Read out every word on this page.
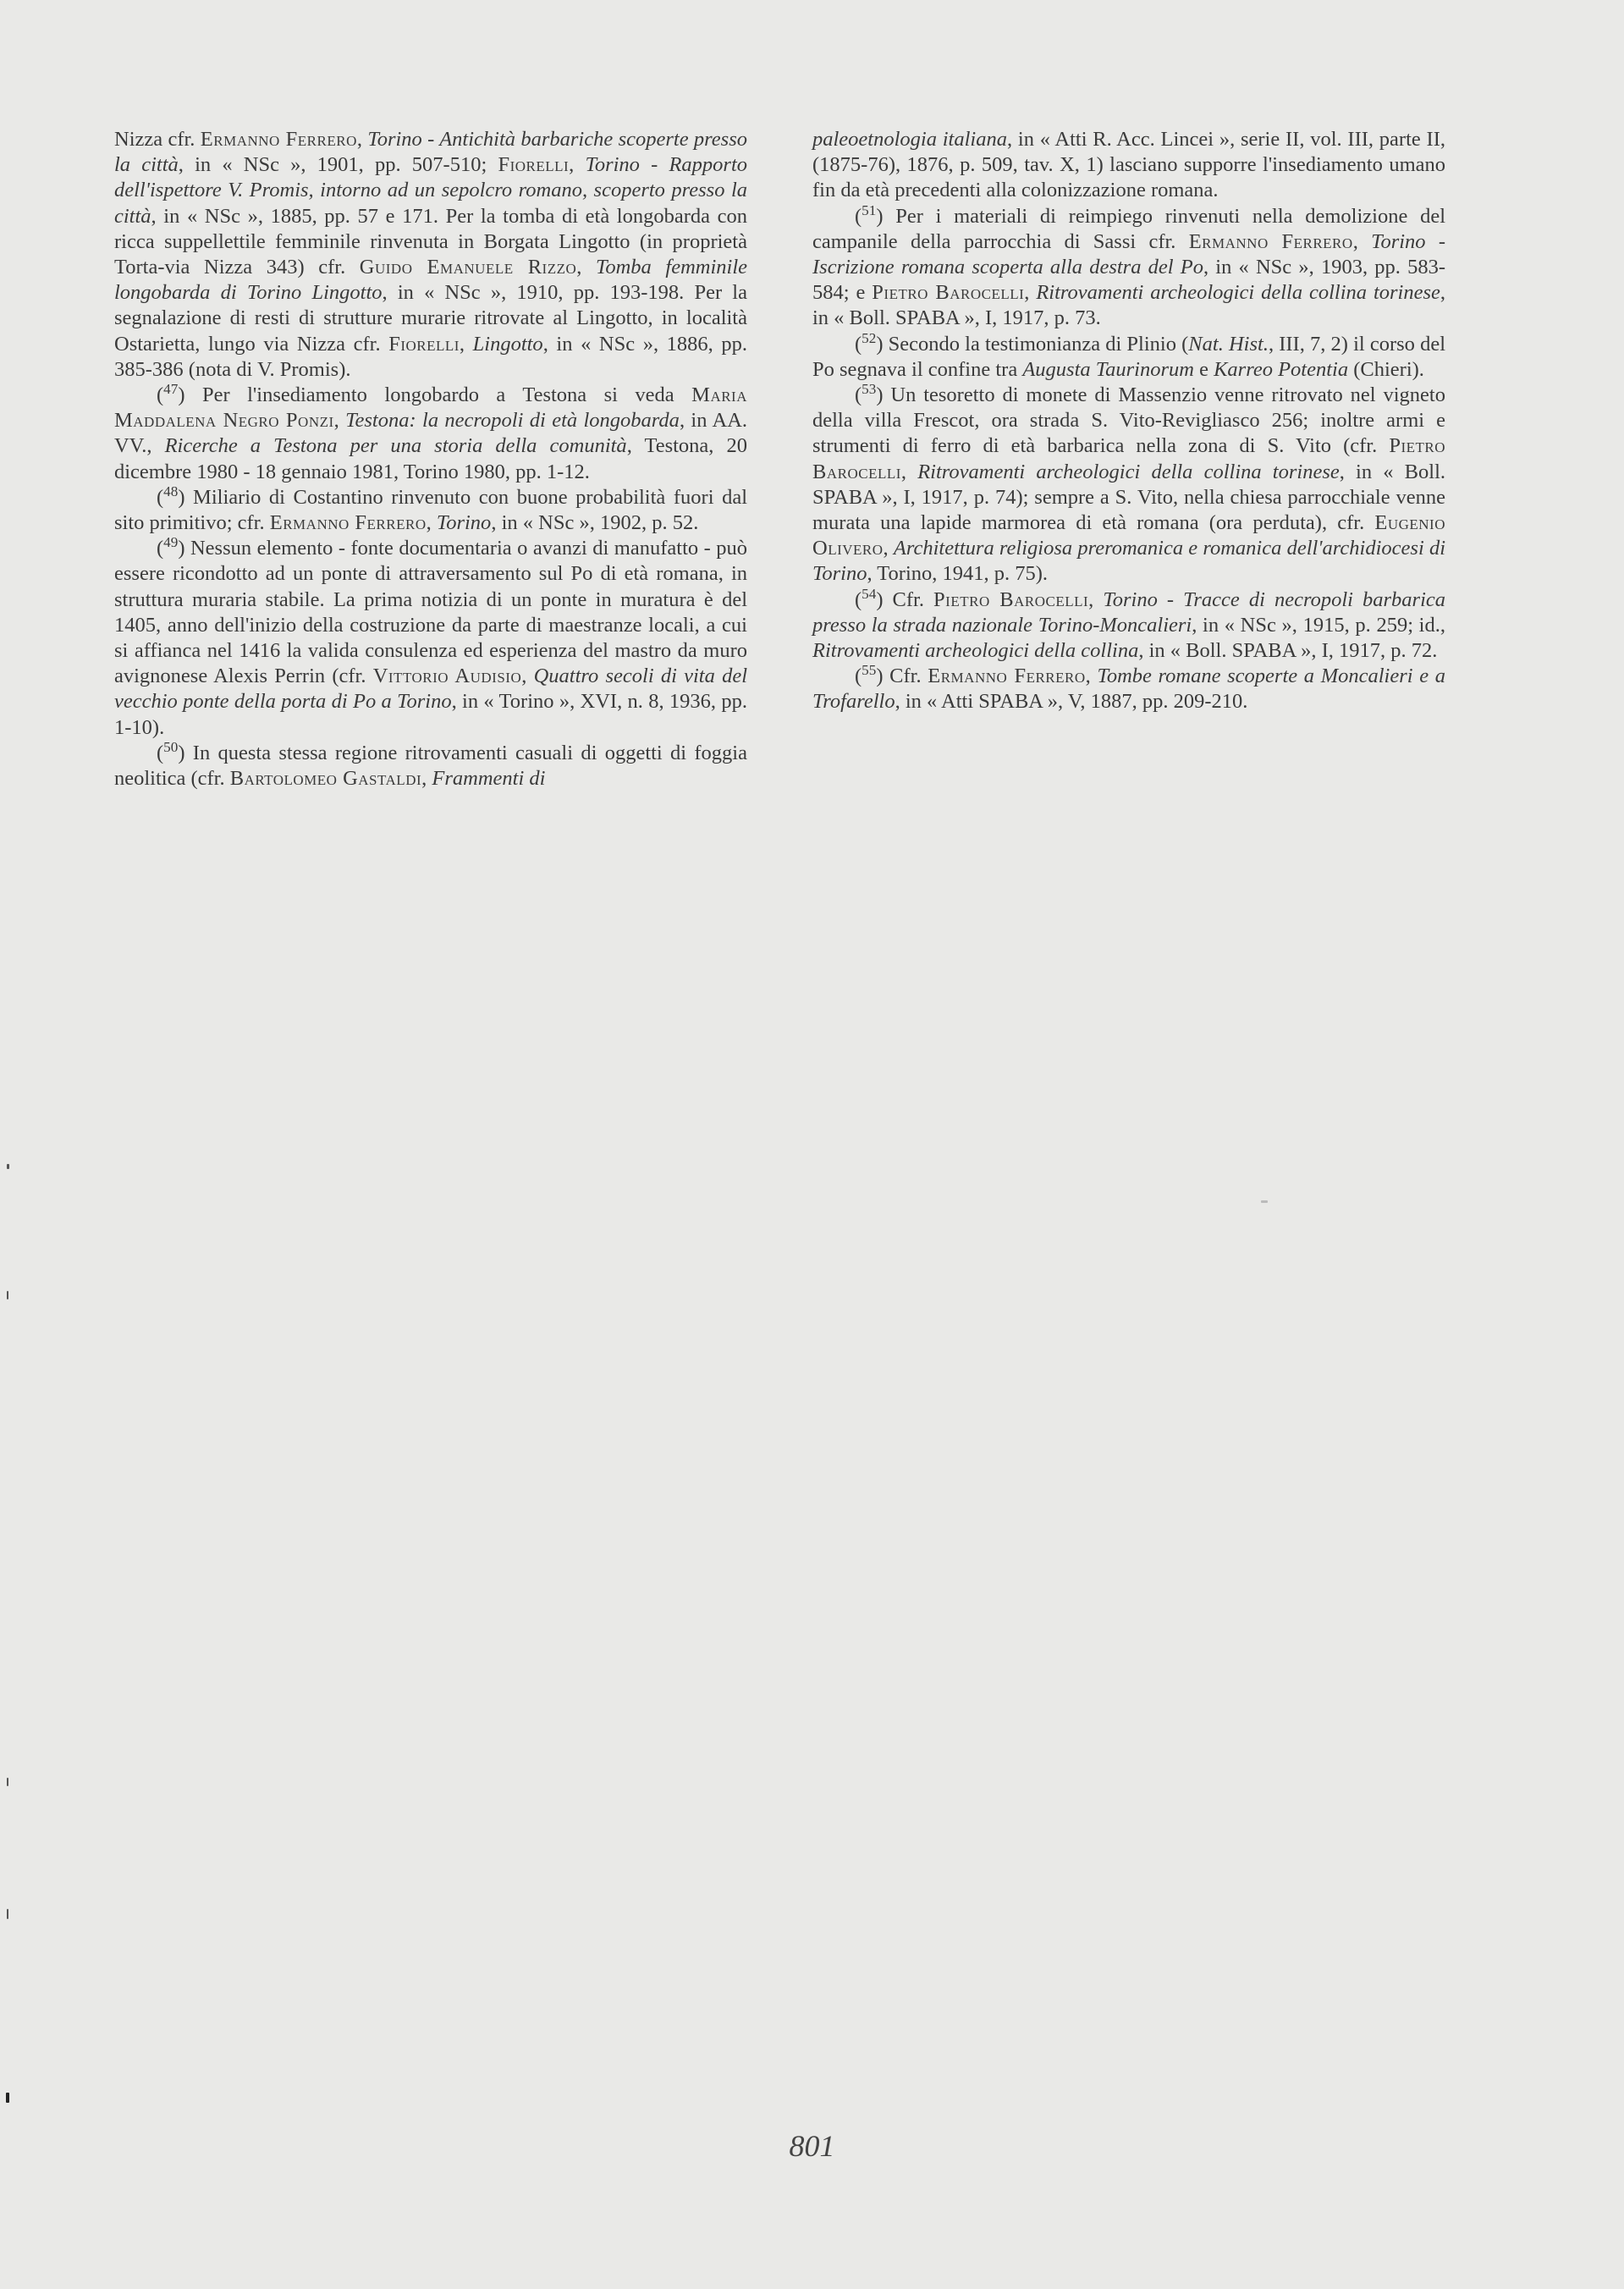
Nizza cfr. Ermanno Ferrero, Torino - Antichità barbariche scoperte presso la città, in « NSc », 1901, pp. 507-510; Fiorelli, Torino - Rapporto dell'ispettore V. Promis, intorno ad un sepolcro romano, scoperto presso la città, in « NSc », 1885, pp. 57 e 171. Per la tomba di età longobarda con ricca suppellettile femminile rinvenuta in Borgata Lingotto (in proprietà Torta-via Nizza 343) cfr. Guido Emanuele Rizzo, Tomba femminile longobarda di Torino Lingotto, in « NSc », 1910, pp. 193-198. Per la segnalazione di resti di strutture murarie ritrovate al Lingotto, in località Ostarietta, lungo via Nizza cfr. Fiorelli, Lingotto, in « NSc », 1886, pp. 385-386 (nota di V. Promis).

($^{47}$) Per l'insediamento longobardo a Testona si veda Maria Maddalena Negro Ponzi, Testona: la necropoli di età longobarda, in AA. VV., Ricerche a Testona per una storia della comunità, Testona, 20 dicembre 1980 - 18 gennaio 1981, Torino 1980, pp. 1-12.

($^{48}$) Miliario di Costantino rinvenuto con buone probabilità fuori dal sito primitivo; cfr. Ermanno Ferrero, Torino, in « NSc », 1902, p. 52.

($^{49}$) Nessun elemento - fonte documentaria o avanzi di manufatto - può essere ricondotto ad un ponte di attraversamento sul Po di età romana, in struttura muraria stabile. La prima notizia di un ponte in muratura è del 1405, anno dell'inizio della costruzione da parte di maestranze locali, a cui si affianca nel 1416 la valida consulenza ed esperienza del mastro da muro avignonese Alexis Perrin (cfr. Vittorio Audisio, Quattro secoli di vita del vecchio ponte della porta di Po a Torino, in « Torino », XVI, n. 8, 1936, pp. 1-10).

($^{50}$) In questa stessa regione ritrovamenti casuali di oggetti di foggia neolitica (cfr. Bartolomeo Gastaldi, Frammenti di

paleoetnologia italiana, in « Atti R. Acc. Lincei », serie II, vol. III, parte II, (1875-76), 1876, p. 509, tav. X, 1) lasciano supporre l'insediamento umano fin da età precedenti alla colonizzazione romana.

($^{51}$) Per i materiali di reimpiego rinvenuti nella demolizione del campanile della parrocchia di Sassi cfr. Ermanno Ferrero, Torino - Iscrizione romana scoperta alla destra del Po, in « NSc », 1903, pp. 583-584; e Pietro Barocelli, Ritrovamenti archeologici della collina torinese, in « Boll. SPABA », I, 1917, p. 73.

($^{52}$) Secondo la testimonianza di Plinio (Nat. Hist., III, 7, 2) il corso del Po segnava il confine tra Augusta Taurinorum e Karreo Potentia (Chieri).

($^{53}$) Un tesoretto di monete di Massenzio venne ritrovato nel vigneto della villa Frescot, ora strada S. Vito-Revigliasco 256; inoltre armi e strumenti di ferro di età barbarica nella zona di S. Vito (cfr. Pietro Barocelli, Ritrovamenti archeologici della collina torinese, in « Boll. SPABA », I, 1917, p. 74); sempre a S. Vito, nella chiesa parrocchiale venne murata una lapide marmorea di età romana (ora perduta), cfr. Eugenio Olivero, Architettura religiosa preromanica e romanica dell'archidiocesi di Torino, Torino, 1941, p. 75).

($^{54}$) Cfr. Pietro Barocelli, Torino - Tracce di necropoli barbarica presso la strada nazionale Torino-Moncalieri, in « NSc », 1915, p. 259; id., Ritrovamenti archeologici della collina, in « Boll. SPABA », I, 1917, p. 72.

($^{55}$) Cfr. Ermanno Ferrero, Tombe romane scoperte a Moncalieri e a Trofarello, in « Atti SPABA », V, 1887, pp. 209-210.

801
